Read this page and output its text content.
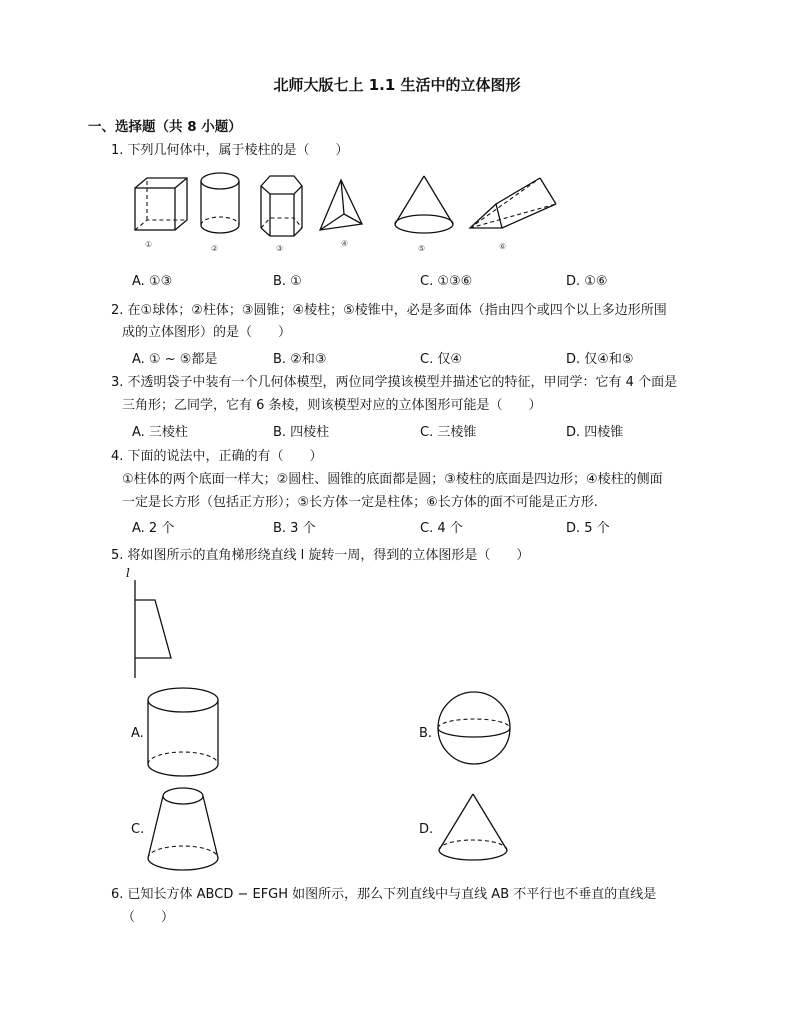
北师大版七上 1.1 生活中的立体图形
一、选择题（共 8 小题）
1. 下列几何体中，属于棱柱的是（　　）
①	②	③
④
⑤	⑥
A. ①③	B. ①	C. ①③⑥	D. ①⑥
2. 在①球体；②柱体；③圆锥；④棱柱；⑤棱锥中，必是多面体（指由四个或四个以上多边形所围
成的立体图形）的是（　　）
A. ① ~ ⑤都是	B. ②和③	C. 仅④	D. 仅④和⑤
3. 不透明袋子中装有一个几何体模型，两位同学摸该模型并描述它的特征，甲同学：它有 4 个面是
三角形；乙同学，它有 6 条棱，则该模型对应的立体图形可能是（　　）
A. 三棱柱	B. 四棱柱	C. 三棱锥	D. 四棱锥
4. 下面的说法中，正确的有（　　）
①柱体的两个底面一样大；②圆柱、圆锥的底面都是圆；③棱柱的底面是四边形；④棱柱的侧面
一定是长方形（包括正方形）；⑤长方体一定是柱体；⑥长方体的面不可能是正方形.
A. 2 个	B. 3 个	C. 4 个	D. 5 个
5. 将如图所示的直角梯形绕直线 l 旋转一周，得到的立体图形是（　　）
l
A.	B.
C.	D.
6. 已知长方体 ABCD − EFGH 如图所示，那么下列直线中与直线 AB 不平行也不垂直的直线是
（　　）
